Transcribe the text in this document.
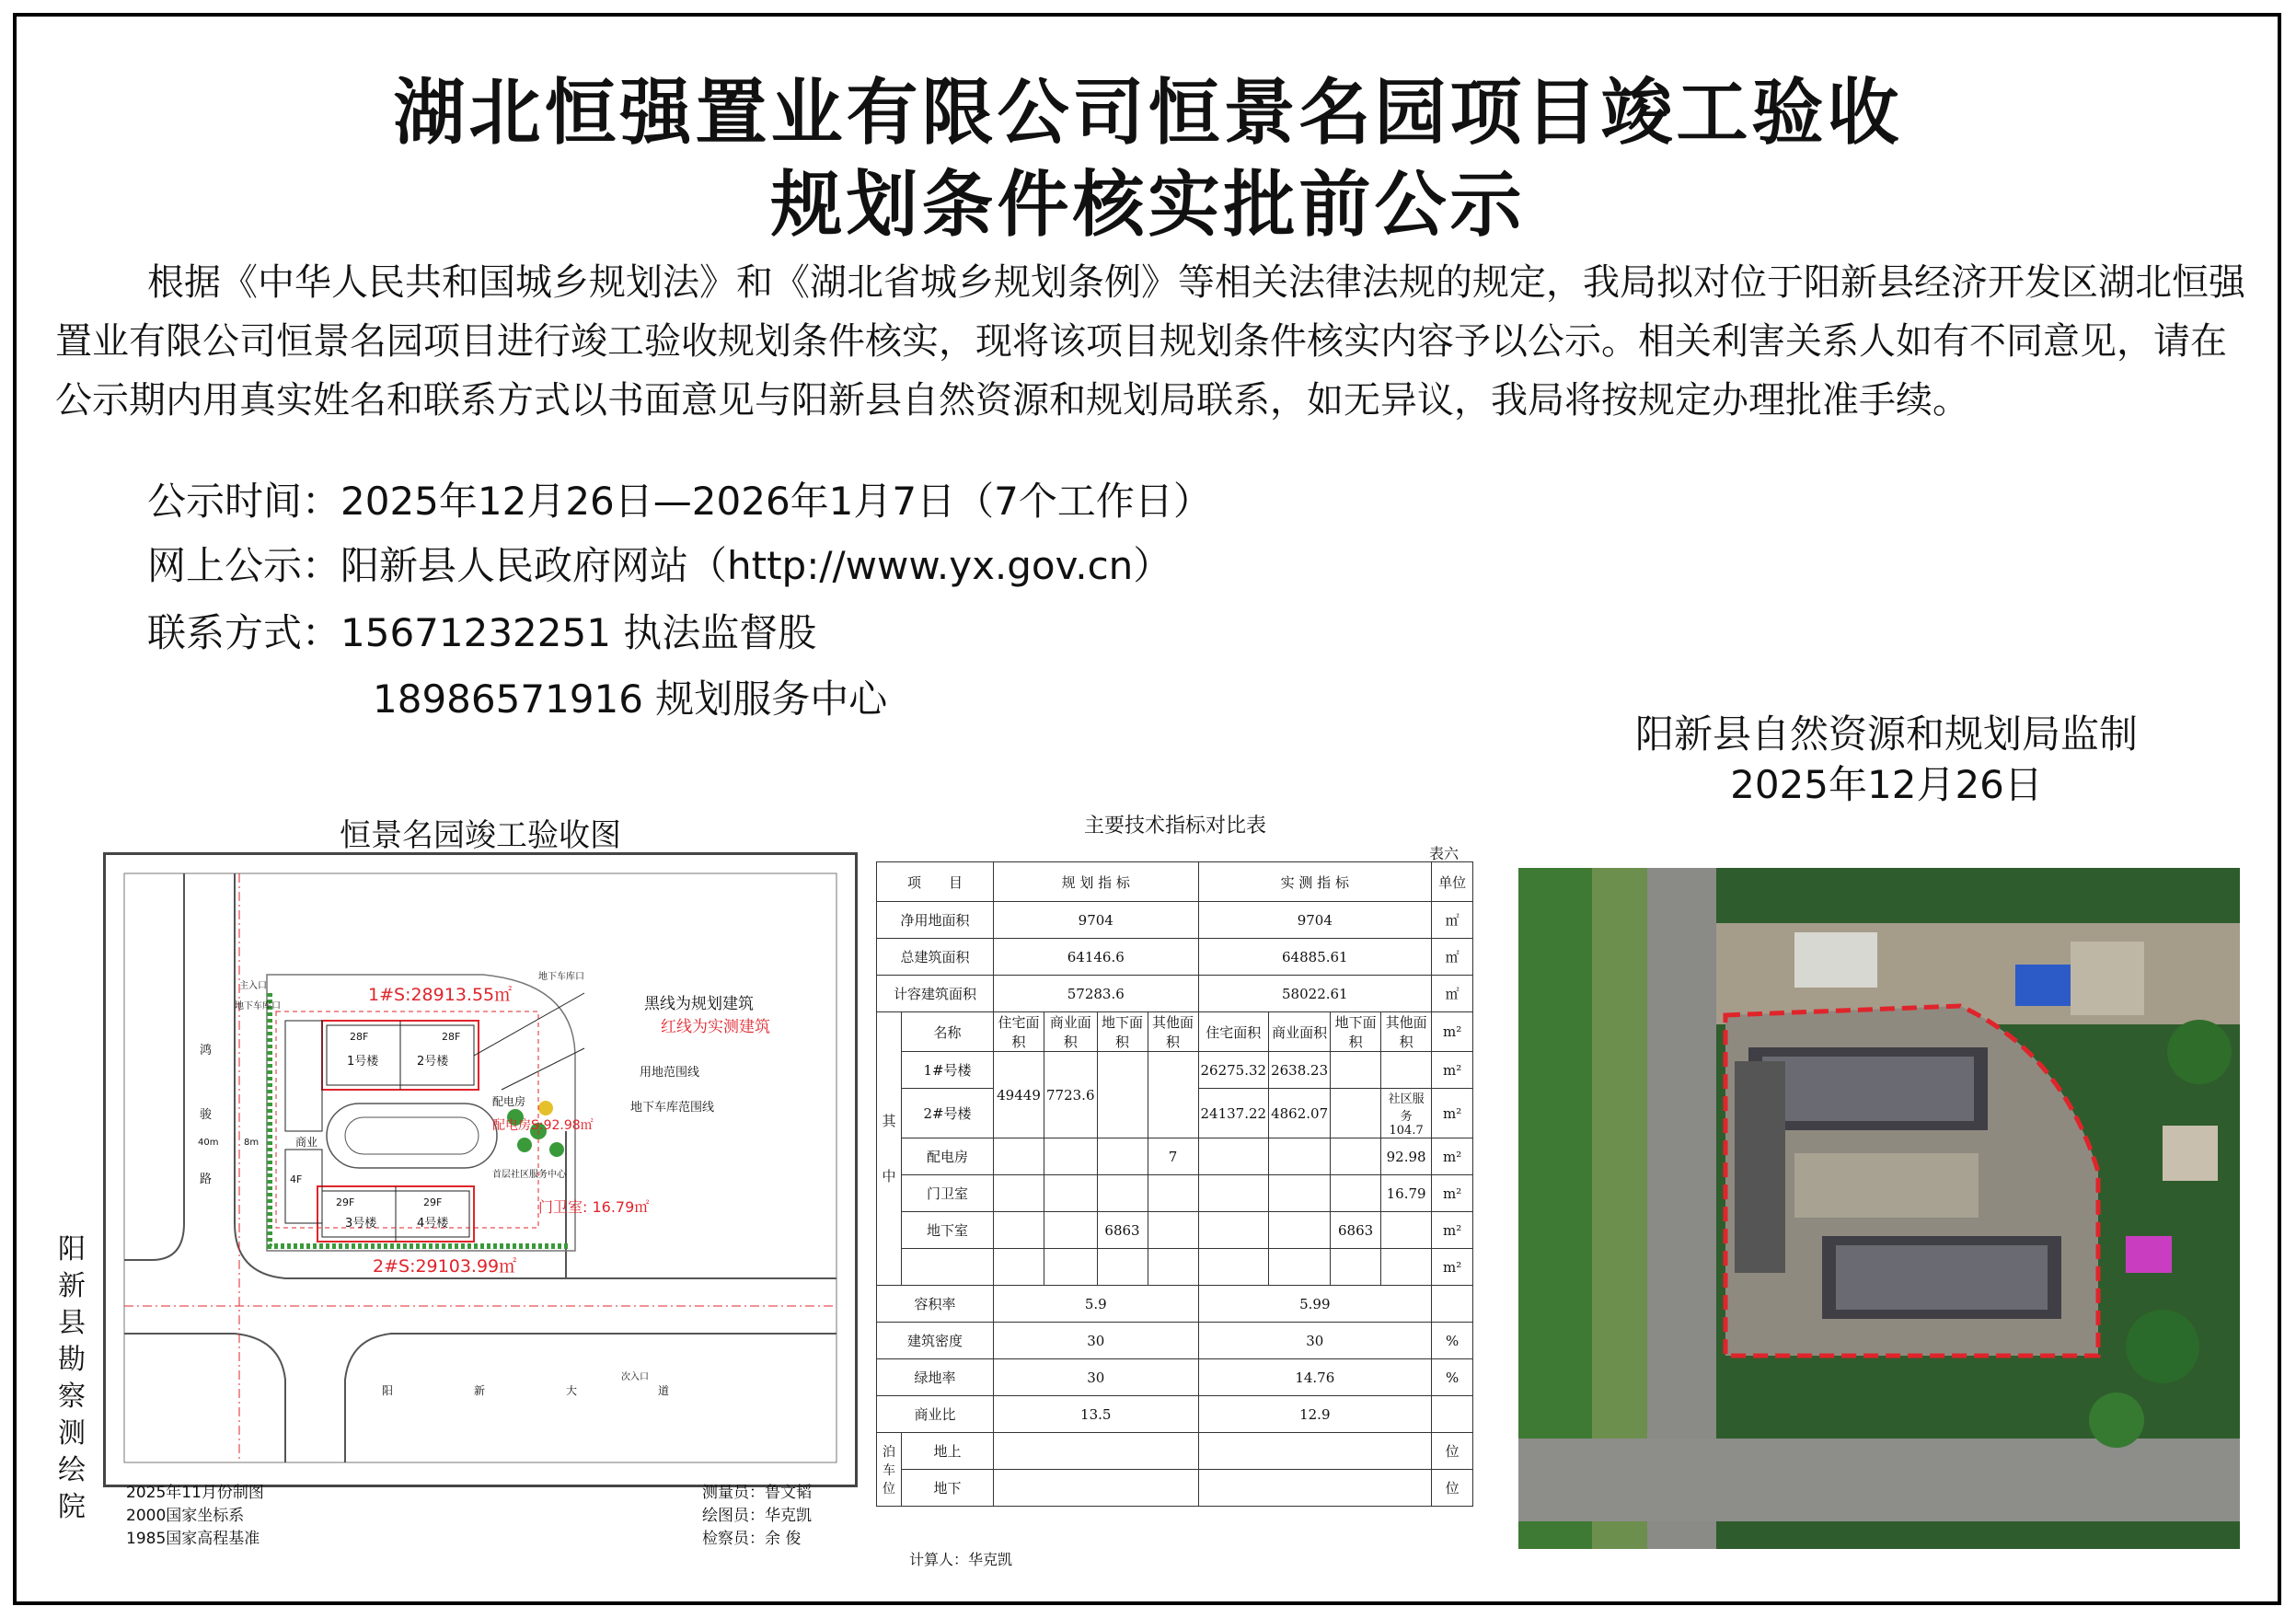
湖北恒强置业有限公司恒景名园项目竣工验收
规划条件核实批前公示
根据《中华人民共和国城乡规划法》和《湖北省城乡规划条例》等相关法律法规的规定，我局拟对位于阳新县经济开发区湖北恒强置业有限公司恒景名园项目进行竣工验收规划条件核实，现将该项目规划条件核实内容予以公示。相关利害关系人如有不同意见，请在公示期内用真实姓名和联系方式以书面意见与阳新县自然资源和规划局联系，如无异议，我局将按规定办理批准手续。
公示时间：2025年12月26日—2026年1月7日（7个工作日）
网上公示：阳新县人民政府网站（http://www.yx.gov.cn）
联系方式：15671232251 执法监督股
18986571916 规划服务中心
阳新县自然资源和规划局监制
2025年12月26日
恒景名园竣工验收图
1#S:28913.55㎡
2#S:29103.99㎡
黑线为规划建筑
红线为实测建筑
用地范围线
地下车库范围线
配电房S:92.98㎡
门卫室: 16.79㎡
配电房
首层社区服务中心
1号楼	2号楼
3号楼	4号楼
28F	28F
29F	29F
4F
商业
主入口
地下车库口
地下车库口
次入口
8m
40m
鸿
骏
路
阳	新	大	道
阳新县勘察测绘院	2025年11月份制图
2000国家坐标系
1985国家高程基准
测量员：鲁文韬
绘图员：华克凯
检察员：余 俊
主要技术指标对比表
表六
项　　目		规 划 指 标				实 测 指 标				单位
净用地面积		9704				9704				㎡
总建筑面积		64146.6				64885.61				㎡
计容建筑面积		57283.6				58022.61				㎡
其中	名称	住宅面积	商业面积	地下面积	其他面积	住宅面积	商业面积	地下面积	其他面积	m²
	1#号楼	49449	7723.6			26275.32	2638.23			m²
	2#号楼					24137.22	4862.07		社区服务104.7	m²
	配电房				7				92.98	m²
	门卫室								16.79	m²
	地下室			6863				6863		m²
										m²
容积率		5.9				5.99				
建筑密度		30				30				%
绿地率		30				14.76				%
商业比		13.5				12.9				
泊车位	地上									位
	地下									位
计算人：华克凯
